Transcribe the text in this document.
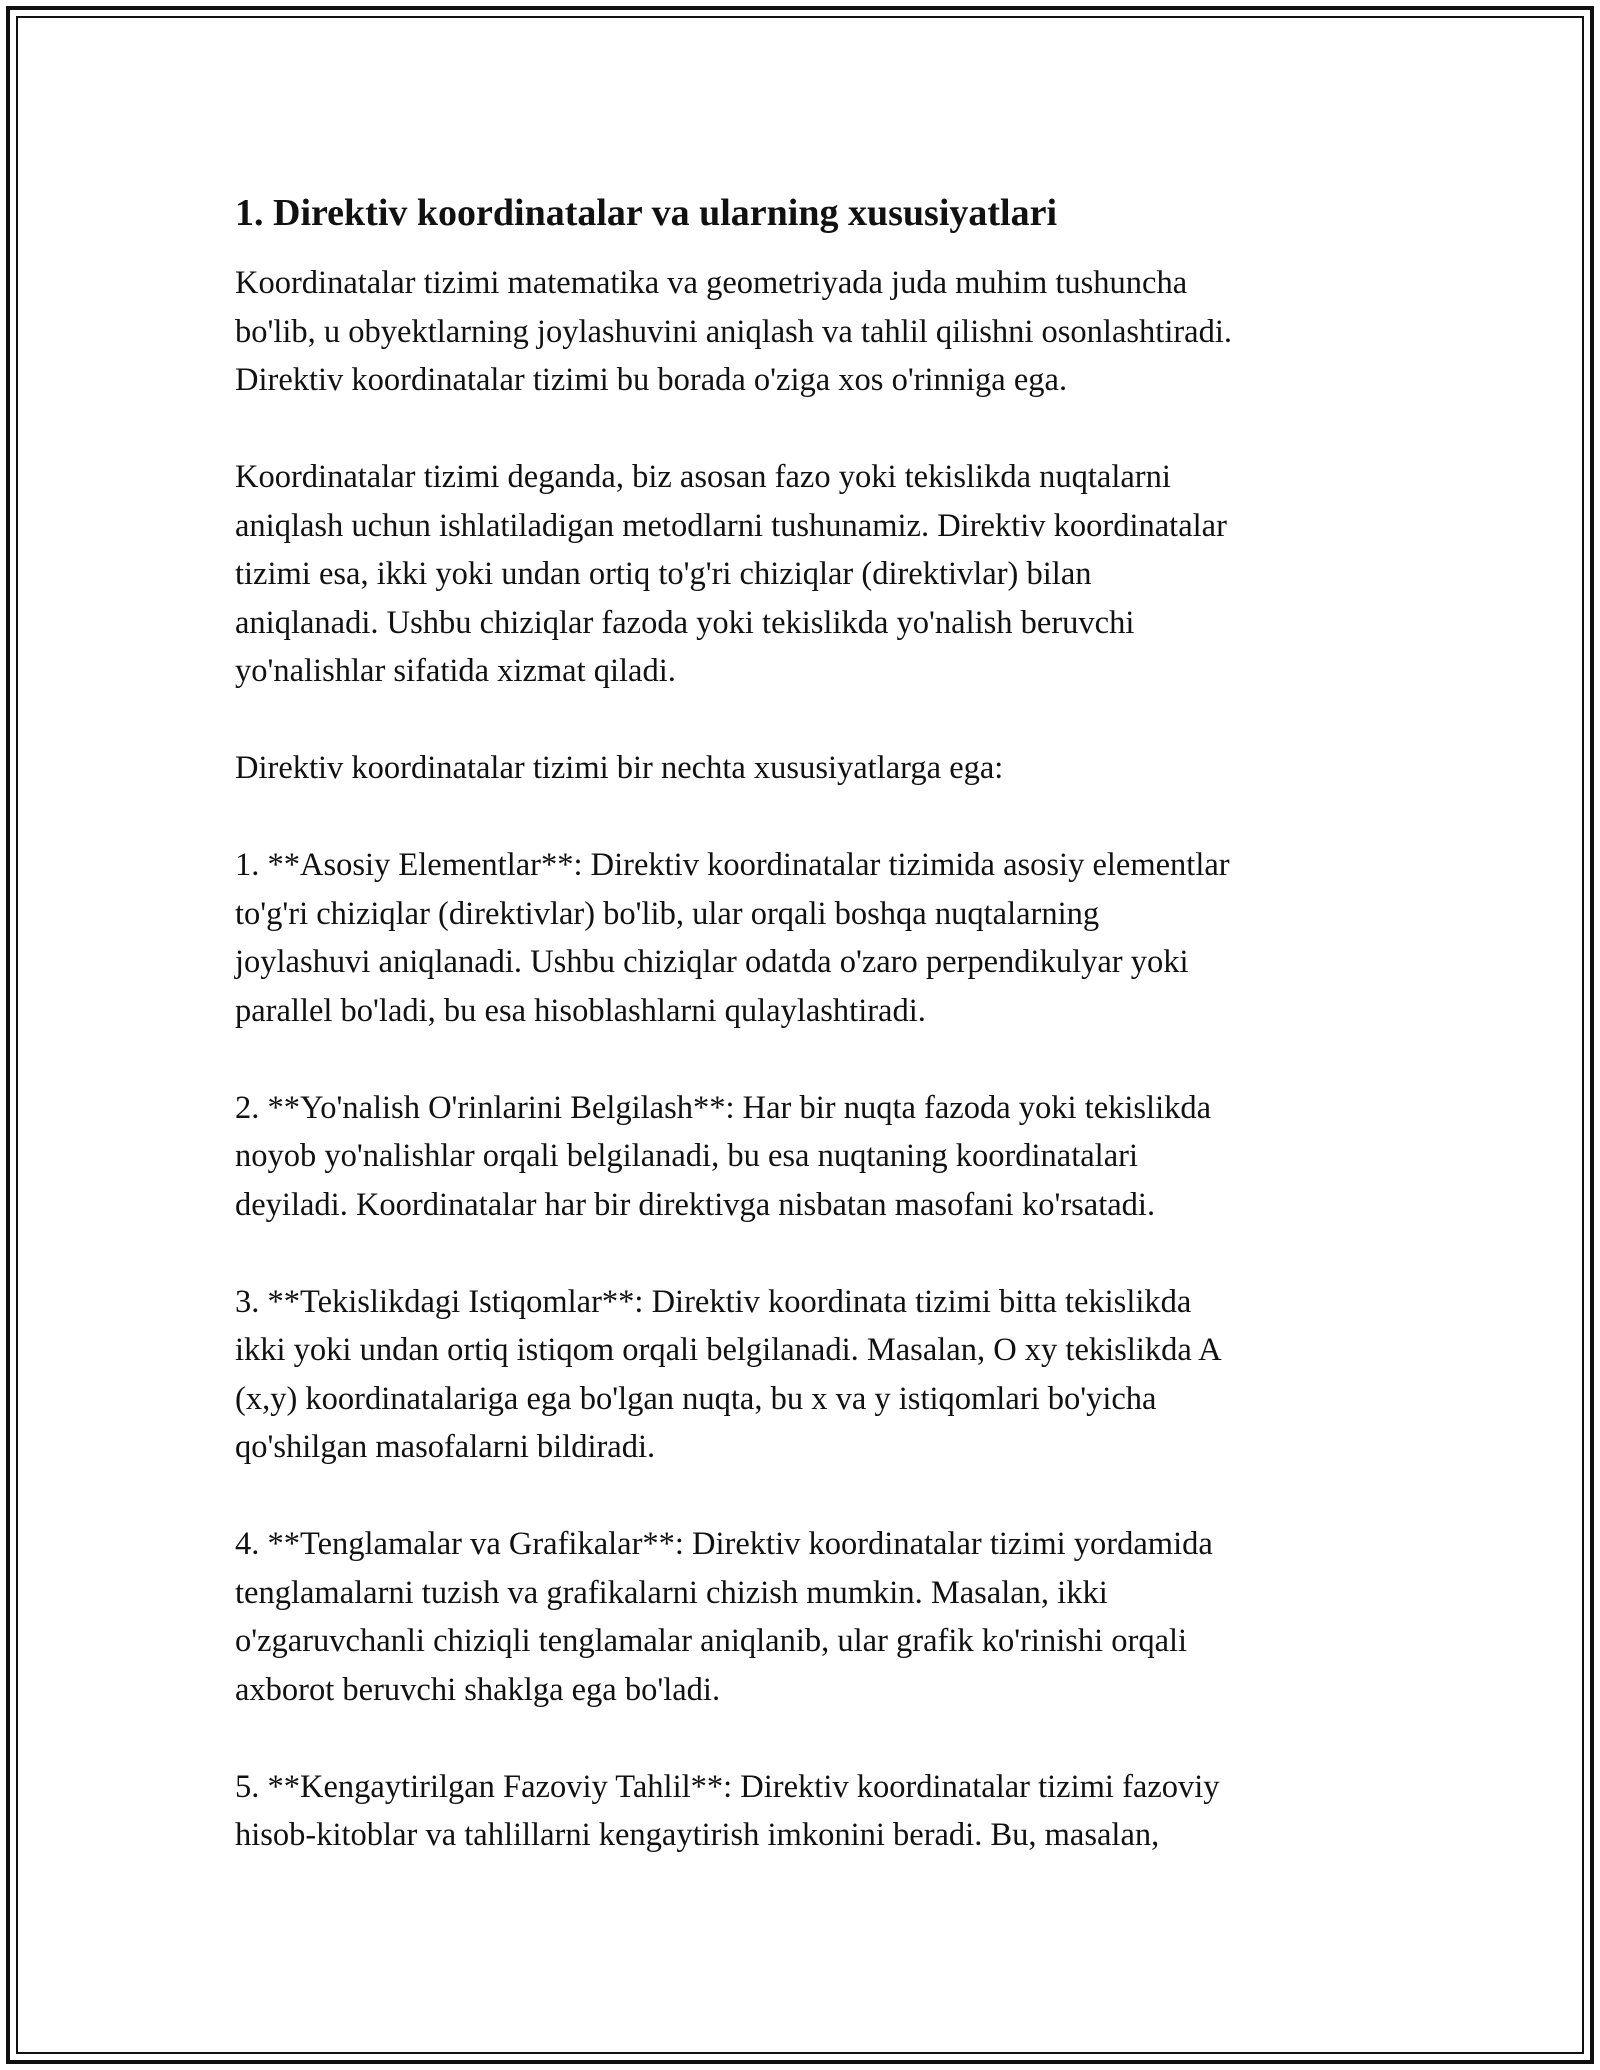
1. Direktiv koordinatalar va ularning xususiyatlari
Koordinatalar tizimi matematika va geometriyada juda muhim tushuncha
bo'lib, u obyektlarning joylashuvini aniqlash va tahlil qilishni osonlashtiradi.
Direktiv koordinatalar tizimi bu borada o'ziga xos o'rinniga ega.
Koordinatalar tizimi deganda, biz asosan fazo yoki tekislikda nuqtalarni
aniqlash uchun ishlatiladigan metodlarni tushunamiz. Direktiv koordinatalar
tizimi esa, ikki yoki undan ortiq to'g'ri chiziqlar (direktivlar) bilan
aniqlanadi. Ushbu chiziqlar fazoda yoki tekislikda yo'nalish beruvchi
yo'nalishlar sifatida xizmat qiladi.
Direktiv koordinatalar tizimi bir nechta xususiyatlarga ega:
1. **Asosiy Elementlar**: Direktiv koordinatalar tizimida asosiy elementlar
to'g'ri chiziqlar (direktivlar) bo'lib, ular orqali boshqa nuqtalarning
joylashuvi aniqlanadi. Ushbu chiziqlar odatda o'zaro perpendikulyar yoki
parallel bo'ladi, bu esa hisoblashlarni qulaylashtiradi.
2. **Yo'nalish O'rinlarini Belgilash**: Har bir nuqta fazoda yoki tekislikda
noyob yo'nalishlar orqali belgilanadi, bu esa nuqtaning koordinatalari
deyiladi. Koordinatalar har bir direktivga nisbatan masofani ko'rsatadi.
3. **Tekislikdagi Istiqomlar**: Direktiv koordinata tizimi bitta tekislikda
ikki yoki undan ortiq istiqom orqali belgilanadi. Masalan, O xy tekislikda A
(x,y) koordinatalariga ega bo'lgan nuqta, bu x va y istiqomlari bo'yicha
qo'shilgan masofalarni bildiradi.
4. **Tenglamalar va Grafikalar**: Direktiv koordinatalar tizimi yordamida
tenglamalarni tuzish va grafikalarni chizish mumkin. Masalan, ikki
o'zgaruvchanli chiziqli tenglamalar aniqlanib, ular grafik ko'rinishi orqali
axborot beruvchi shaklga ega bo'ladi.
5. **Kengaytirilgan Fazoviy Tahlil**: Direktiv koordinatalar tizimi fazoviy
hisob-kitoblar va tahlillarni kengaytirish imkonini beradi. Bu, masalan,
